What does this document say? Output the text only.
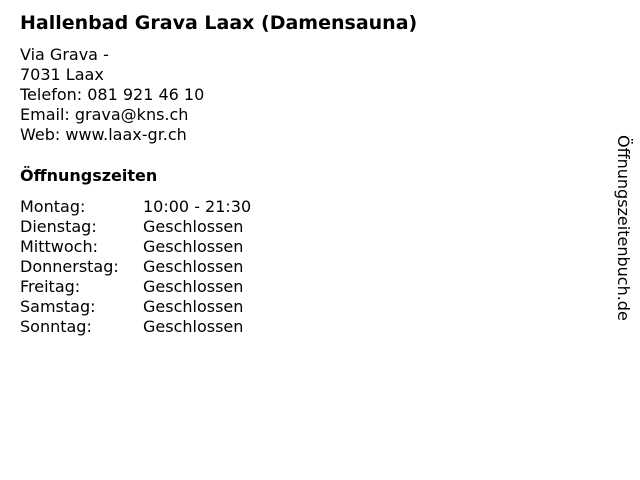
Hallenbad Grava Laax (Damensauna)
Via Grava -
7031 Laax
Telefon: 081 921 46 10
Email: grava@kns.ch
Web: www.laax-gr.ch
Öffnungszeiten
Montag:	10:00 - 21:30
Dienstag:	Geschlossen
Mittwoch:	Geschlossen
Donnerstag:	Geschlossen
Freitag:	Geschlossen
Samstag:	Geschlossen
Sonntag:	Geschlossen
Öffnungszeitenbuch.de
